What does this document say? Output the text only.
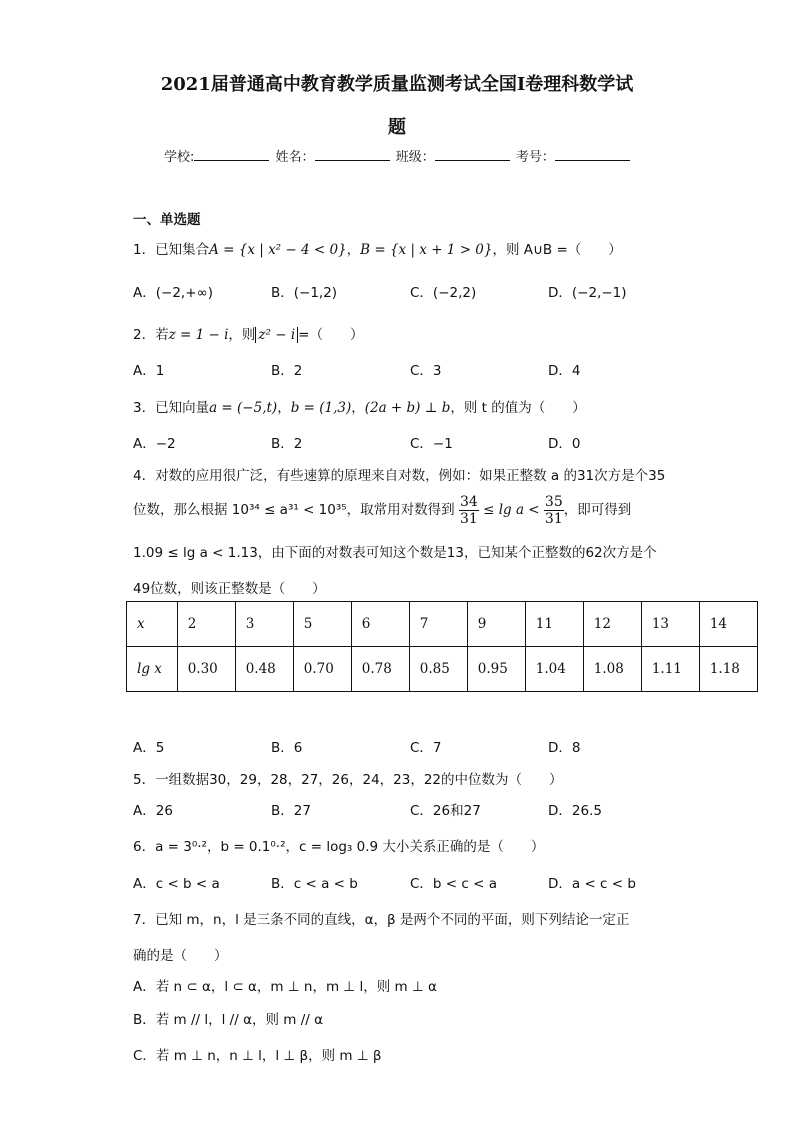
2021届普通高中教育教学质量监测考试全国I卷理科数学试
题
学校:	姓名：	班级：	考号：
一、单选题
1．已知集合A = {x | x² − 4 < 0}，B = {x | x + 1 > 0}，则 A∪B =（　　）
A．(−2,+∞)	B．(−1,2)	C．(−2,2)	D．(−2,−1)
2．若z = 1 − i，则 z² − i =（　　）
A．1	B．2	C．3	D．4
3．已知向量a = (−5,t)，b = (1,3)，(2a + b) ⊥ b，则 t 的值为（　　）
A．−2	B．2	C．−1	D．0
4．对数的应用很广泛，有些速算的原理来自对数，例如：如果正整数 a 的31次方是个35
位数，那么根据 10³⁴ ≤ a³¹ < 10³⁵，取常用对数得到 $\frac{34}{31} \le \lg a < \frac{35}{31}$ ，即可得到
1.09 ≤ lg a < 1.13，由下面的对数表可知这个数是13，已知某个正整数的62次方是个
49位数，则该正整数是（　　）
x	2	3	5	6	7	9	11	12	13	14
lg x	0.30	0.48	0.70	0.78	0.85	0.95	1.04	1.08	1.11	1.18
A．5	B．6	C．7	D．8
5．一组数据30，29，28，27，26，24，23，22的中位数为（　　）
A．26	B．27	C．26和27	D．26.5
6．a = 3⁰·²，b = 0.1⁰·²，c = log₃ 0.9 大小关系正确的是（　　）
A．c < b < a	B．c < a < b	C．b < c < a	D．a < c < b
7．已知 m，n，l 是三条不同的直线，α，β 是两个不同的平面，则下列结论一定正
确的是（　　）
A．若 n ⊂ α，l ⊂ α，m ⊥ n，m ⊥ l，则 m ⊥ α
B．若 m // l，l // α，则 m // α
C．若 m ⊥ n，n ⊥ l，l ⊥ β，则 m ⊥ β
